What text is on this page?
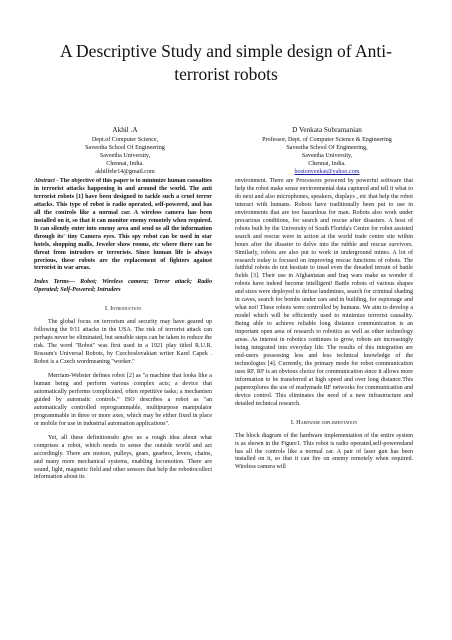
A Descriptive Study and simple design of Anti-terrorist robots
Akhil .A
Dept.of Computer Science,
Saveetha School Of Engineering
Saveetha University,
Chennai, India.
akhilfebr14@gmail.com
D Venkata Subramanian
Professor, Dept. of Computer Science & Engineering
Saveetha School Of Engineering,
Saveetha University,
Chennai, India.
bostonvenkat@yahoo.com

Abstract - The objective of this paper is to minimize human casualties in terrorist attacks happening in and around the world. The anti terrorist robots [1] have been designed to tackle such a cruel terror attacks. This type of robot is radio operated, self-powered, and has all the controls like a normal car. A wireless camera has been installed on it, so that it can monitor enemy remotely when required. It can silently enter into enemy area and send us all the information through its' tiny Camera eyes. This spy robot can be used in star hotels, shopping malls, Jeweler show rooms, etc where there can be threat from intruders or terrorists. Since human life is always precious, these robots are the replacement of fighters against terrorist in war areas.

Index Terms— Robot; Wireless camera; Terror attack; Radio Operated; Self-Powered; Intruders

I. Introduction

The global focus on terrorism and security may have geared up following the 9/11 attacks in the USA. The risk of terrorist attack can perhaps never be eliminated, but sensible steps can be taken to reduce the risk. The word "Robot" was first used in a 1921 play titled R.U.R. Rossum's Universal Robots, by Czechoslovakian writer Karel Capek . Robot is a Czech wordmeaning "worker."

Merriam-Webster defines robot [2] as "a machine that looks like a human being and perform various complex acts; a device that automatically performs complicated, often repetitive tasks; a mechanism guided by automatic controls." ISO describes a robot as "an automatically controlled reprogrammable, multipurpose manipulator programmable in three or more axes, which may be either fixed in place or mobile for use in industrial automation applications".

Yet, all these definitionsdo give us a rough idea about what comprises a robot, which needs to sense the outside world and act accordingly. There are motors, pulleys, gears, gearbox, levers, chains, and many more mechanical systems, enabling locomotion. There are sound, light, magnetic field and other sensors that help the robottocollect information about its

environment. There are Processors powered by powerful software that help the robot make sense environmental data captured and tell it what to do next and also microphones, speakers, displays , etc that help the robot interact with humans. Robots have traditionally been put to use in environments that are too hazardous for man. Robots also work under precarious conditions, for search and rescue after disasters. A host of robots built by the University of South Florida's Centre for robot assisted search and rescue were in action at the world trade centre site within hours after the disaster to delve into the rubble and rescue survivors. Similarly, robots are also put to work in underground mines. A lot of research today is focused on improving rescue functions of robots. The faithful robots do not hesitate to tread even the dreaded terrain of battle fields [3]. Their use in Afghanistan and Iraq wars make us wonder if robots have indeed become intelligent! Battle robots of various shapes and sizes were deployed to defuse landmines, search for criminal shading in caves, search for bombs under cars and in building, for espionage and what not! These robots were controlled by humans. We aim to develop a model which will be efficiently used to minimize terrorist causality. Being able to achieve reliable long distance communication is an important open area of research to robotics as well as other technology areas. As interest in robotics continues to grow, robots are increasingly being integrated into everyday life. The results of this integration are end-users possessing less and less technical knowledge of the technologies [4]. Currently, the primary mode for robot communication uses RF. RF is an obvious choice for communication since it allows more information to be transferred at high speed and over long distance.This paperexplores the use of readymade RF networks for communication and device control. This eliminates the need of a new infrastructure and detailed technical research.

I. Hardware implementation

The block diagram of the hardware implementation of the entire system is as shown in the Figure1. This robot is radio operated,self-poweredand has all the controls like a normal car. A pair of laser gun has been installed on it, so that it can fire on enemy remotely when required. Wireless camera will
